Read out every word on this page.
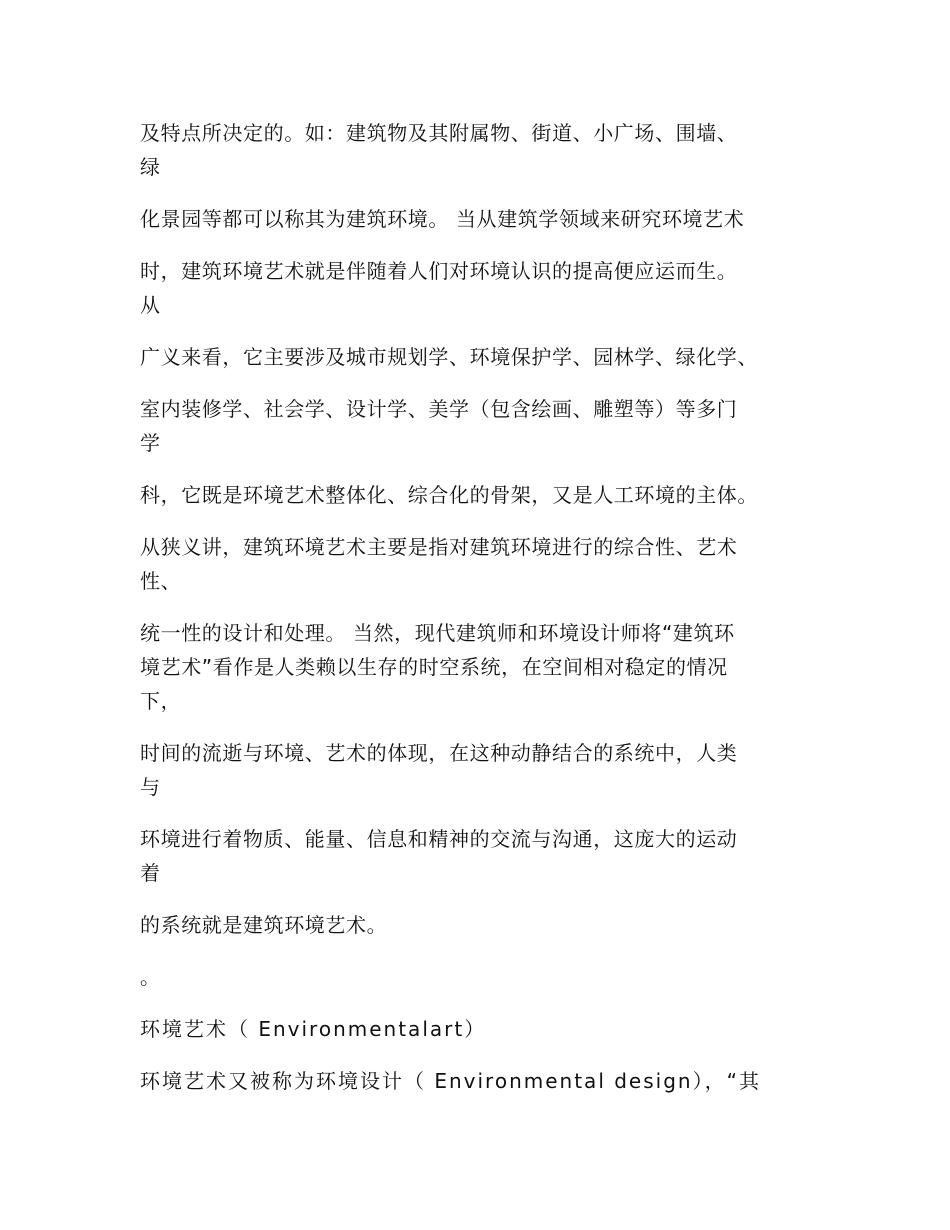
及特点所决定的。如：建筑物及其附属物、街道、小广场、围墙、

绿

化景园等都可以称其为建筑环境。 当从建筑学领域来研究环境艺术

时，建筑环境艺术就是伴随着人们对环境认识的提高便应运而生。

从

广义来看，它主要涉及城市规划学、环境保护学、园林学、绿化学、

室内装修学、社会学、设计学、美学（包含绘画、雕塑等）等多门

学

科，它既是环境艺术整体化、综合化的骨架，又是人工环境的主体。

从狭义讲，建筑环境艺术主要是指对建筑环境进行的综合性、艺术

性、

统一性的设计和处理。 当然，现代建筑师和环境设计师将“建筑环

境艺术”看作是人类赖以生存的时空系统，在空间相对稳定的情况

下，

时间的流逝与环境、艺术的体现，在这种动静结合的系统中，人类

与

环境进行着物质、能量、信息和精神的交流与沟通，这庞大的运动

着

的系统就是建筑环境艺术。

。

环境艺术（ Environmentalart）

环境艺术又被称为环境设计（ Environmental design），“其
